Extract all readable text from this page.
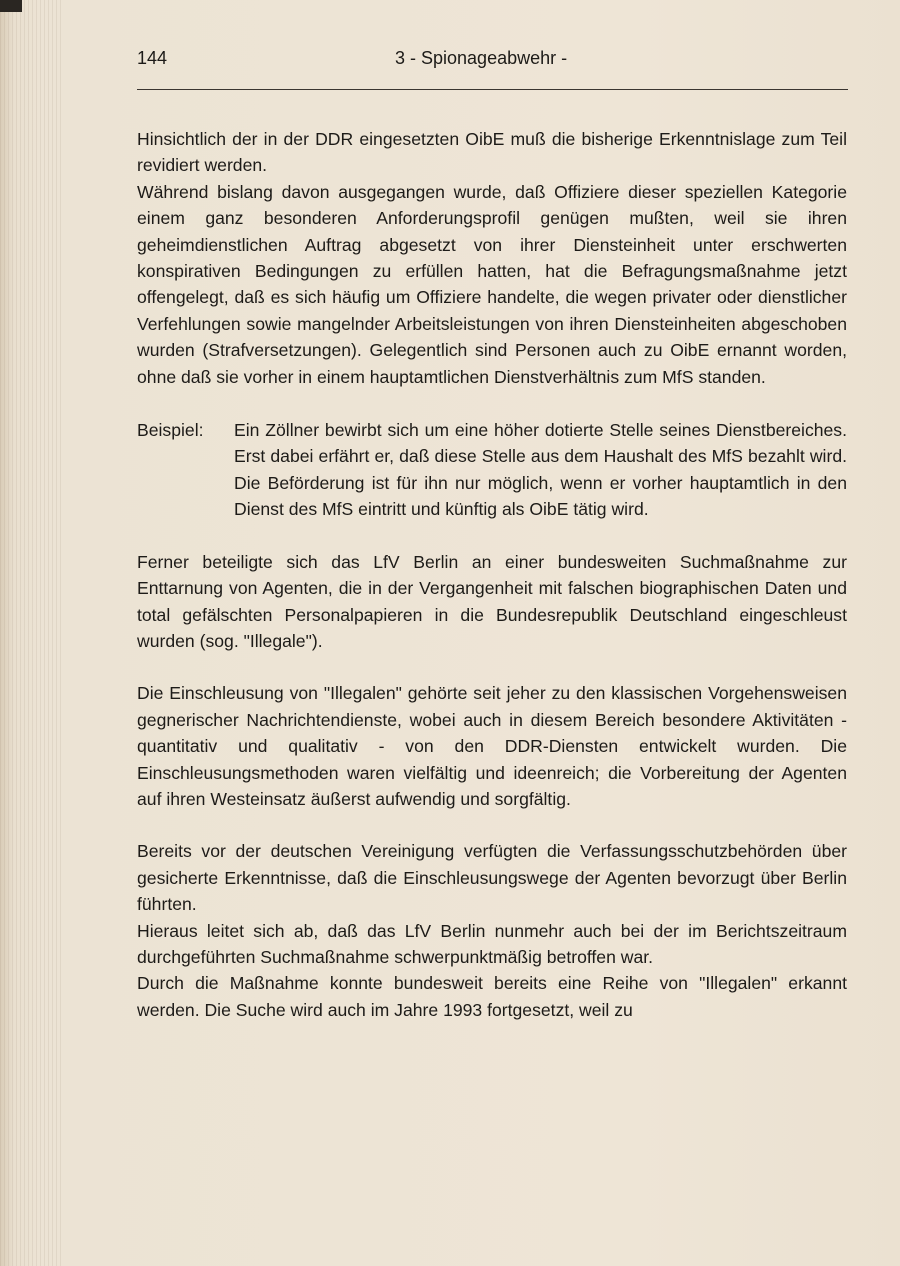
144	3 - Spionageabwehr -

Hinsichtlich der in der DDR eingesetzten OibE muß die bisherige Erkenntnislage zum Teil revidiert werden.

Während bislang davon ausgegangen wurde, daß Offiziere dieser speziellen Kategorie einem ganz besonderen Anforderungsprofil genügen mußten, weil sie ihren geheimdienstlichen Auftrag abgesetzt von ihrer Diensteinheit unter erschwerten konspirativen Bedingungen zu erfüllen hatten, hat die Befragungsmaßnahme jetzt offengelegt, daß es sich häufig um Offiziere handelte, die wegen privater oder dienstlicher Verfehlungen sowie mangelnder Arbeitsleistungen von ihren Diensteinheiten abgeschoben wurden (Strafversetzungen). Gelegentlich sind Personen auch zu OibE ernannt worden, ohne daß sie vorher in einem hauptamtlichen Dienstverhältnis zum MfS standen.

Beispiel:	Ein Zöllner bewirbt sich um eine höher dotierte Stelle seines Dienstbereiches. Erst dabei erfährt er, daß diese Stelle aus dem Haushalt des MfS bezahlt wird. Die Beförderung ist für ihn nur möglich, wenn er vorher hauptamtlich in den Dienst des MfS eintritt und künftig als OibE tätig wird.

Ferner beteiligte sich das LfV Berlin an einer bundesweiten Suchmaßnahme zur Enttarnung von Agenten, die in der Vergangenheit mit falschen biographischen Daten und total gefälschten Personalpapieren in die Bundesrepublik Deutschland eingeschleust wurden (sog. "Illegale").

Die Einschleusung von "Illegalen" gehörte seit jeher zu den klassischen Vorgehensweisen gegnerischer Nachrichtendienste, wobei auch in diesem Bereich besondere Aktivitäten - quantitativ und qualitativ - von den DDR-Diensten entwickelt wurden. Die Einschleusungsmethoden waren vielfältig und ideenreich; die Vorbereitung der Agenten auf ihren Westeinsatz äußerst aufwendig und sorgfältig.

Bereits vor der deutschen Vereinigung verfügten die Verfassungsschutzbehörden über gesicherte Erkenntnisse, daß die Einschleusungswege der Agenten bevorzugt über Berlin führten.

Hieraus leitet sich ab, daß das LfV Berlin nunmehr auch bei der im Berichtszeitraum durchgeführten Suchmaßnahme schwerpunktmäßig betroffen war.

Durch die Maßnahme konnte bundesweit bereits eine Reihe von "Illegalen" erkannt werden. Die Suche wird auch im Jahre 1993 fortgesetzt, weil zu
